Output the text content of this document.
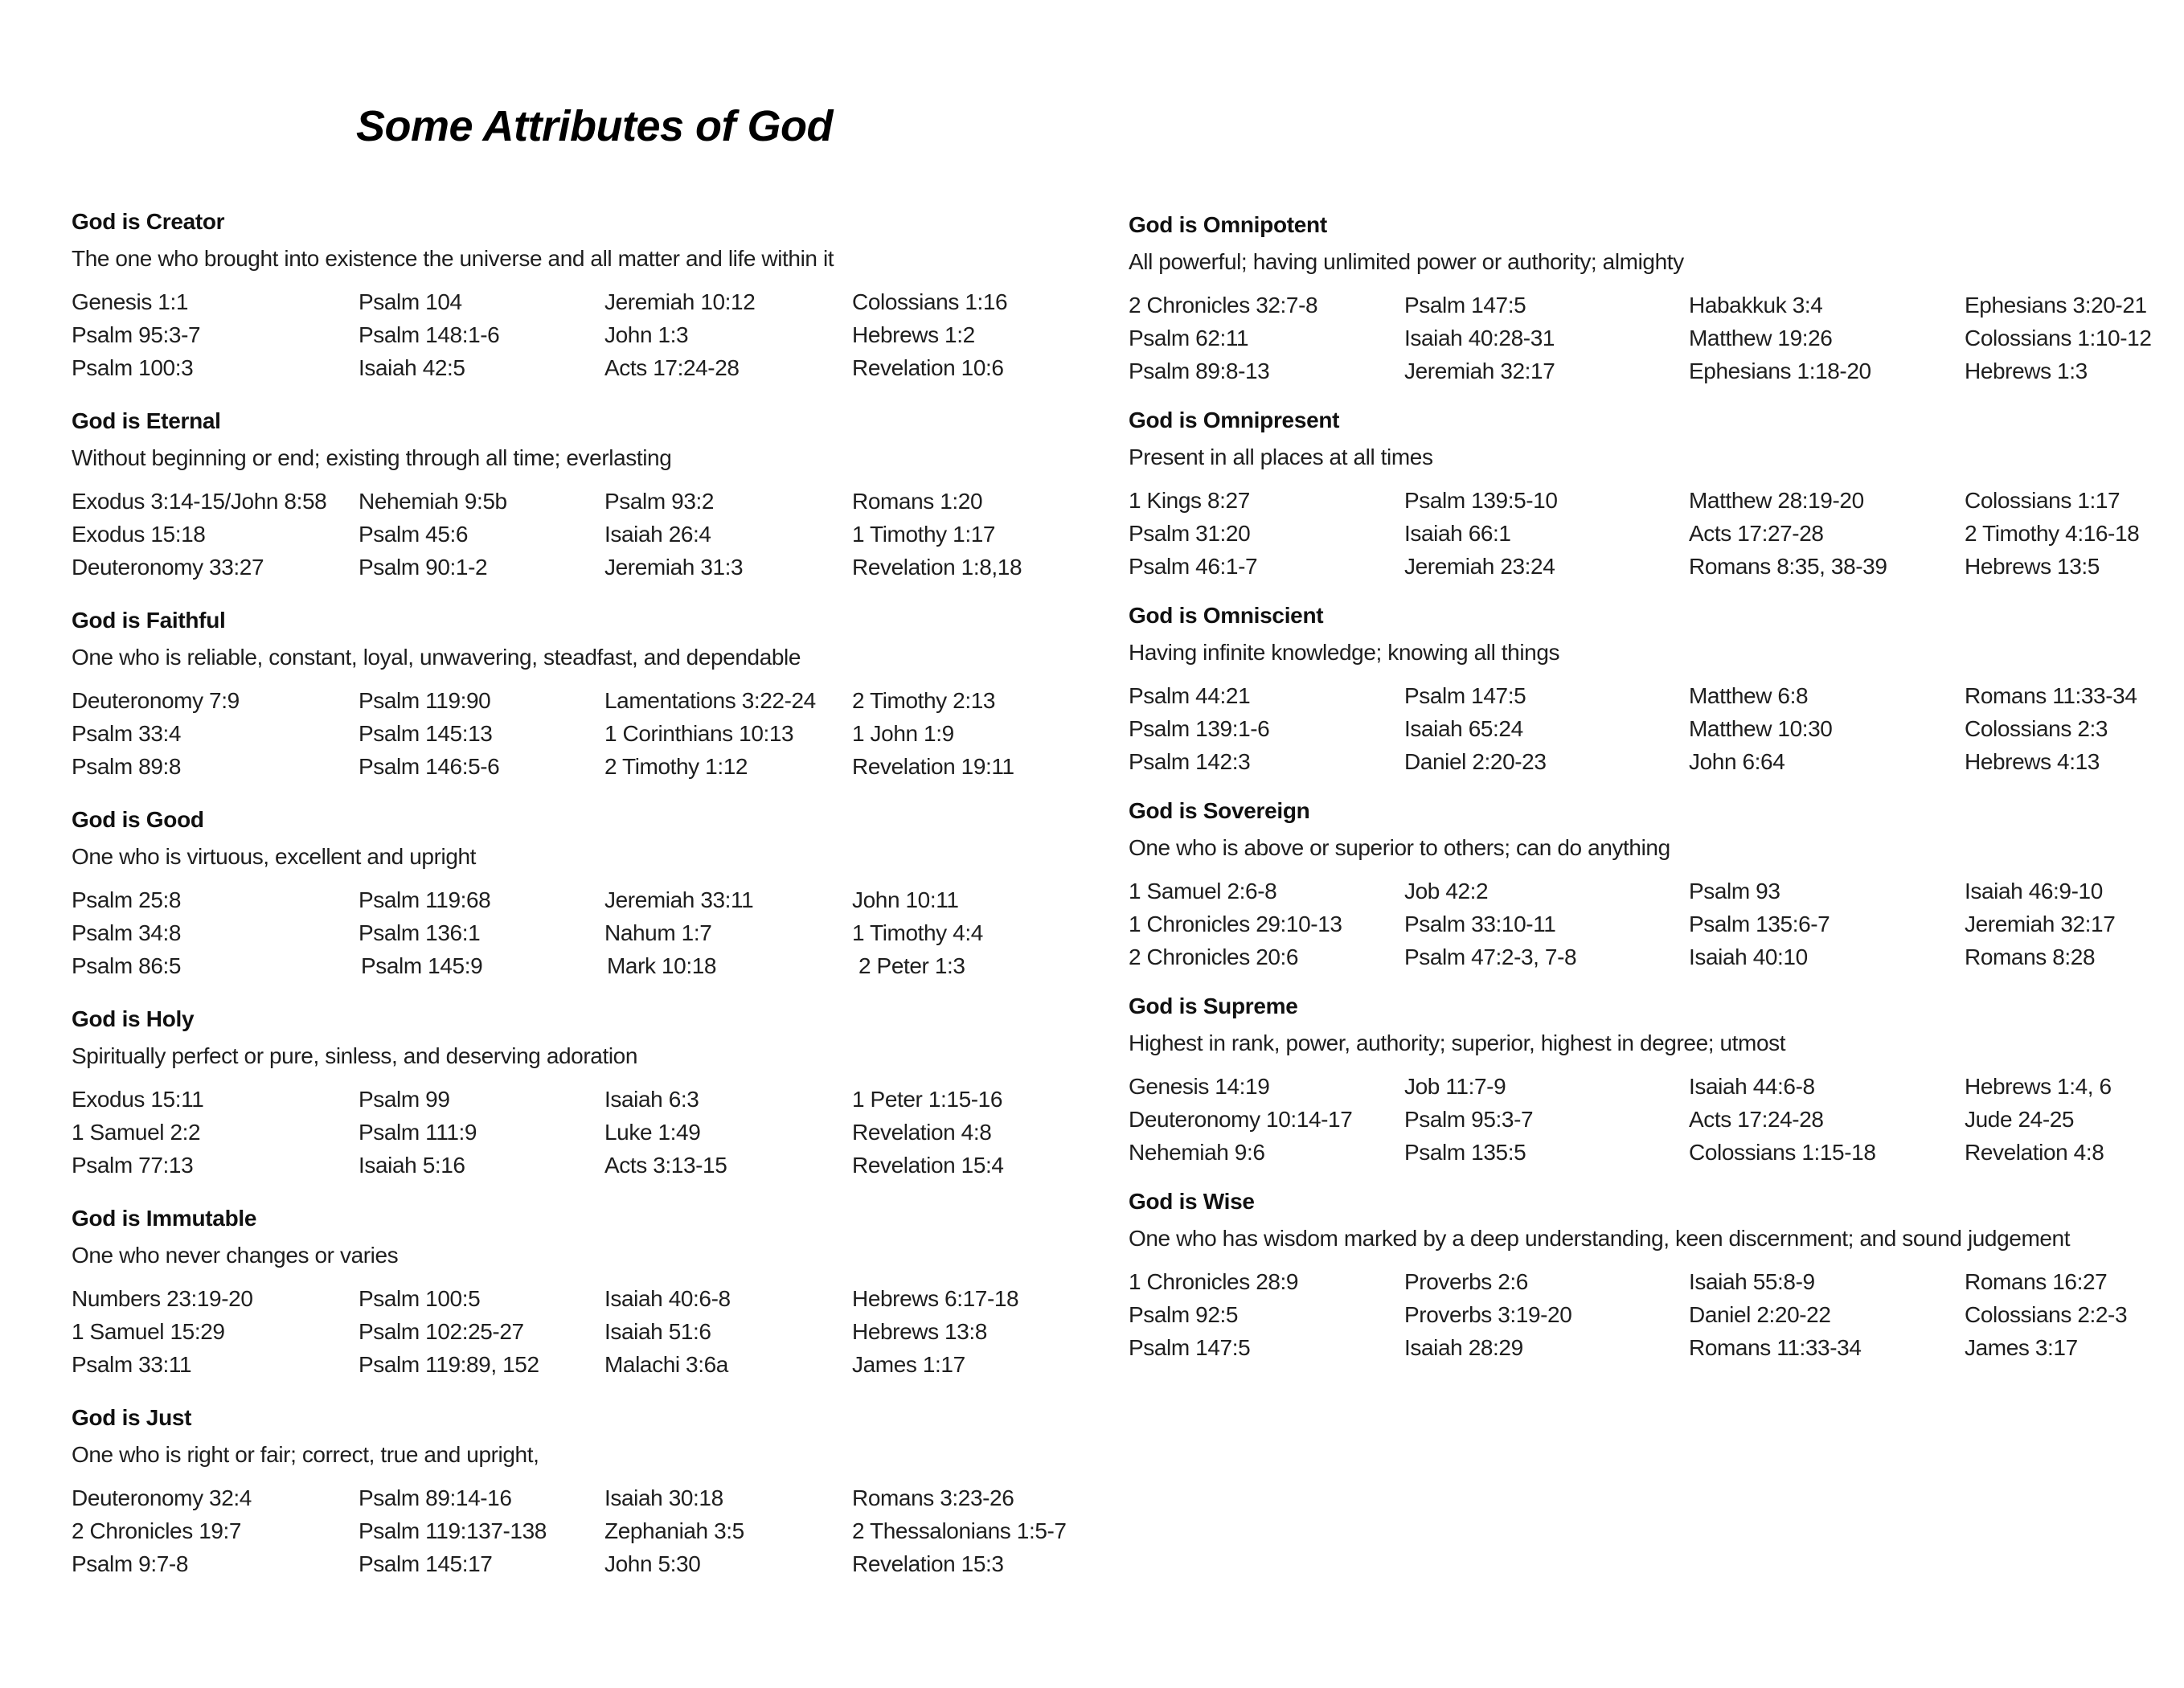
Some Attributes of God
God is Creator
The one who brought into existence the universe and all matter and life within it
Genesis 1:1	Psalm 104	Jeremiah 10:12	Colossians 1:16
Psalm 95:3-7	Psalm 148:1-6	John 1:3	Hebrews 1:2
Psalm 100:3	Isaiah 42:5	Acts 17:24-28	Revelation 10:6
God is Eternal
Without beginning or end; existing through all time; everlasting
Exodus 3:14-15/John 8:58 Nehemiah 9:5b	Psalm 93:2	Romans 1:20
Exodus 15:18	Psalm 45:6	Isaiah 26:4	1 Timothy 1:17
Deuteronomy 33:27	Psalm 90:1-2	Jeremiah 31:3	Revelation 1:8,18
God is Faithful
One who is reliable, constant, loyal, unwavering, steadfast, and dependable
Deuteronomy 7:9	Psalm 119:90	Lamentations 3:22-24 2 Timothy 2:13
Psalm 33:4	Psalm 145:13	1 Corinthians 10:13	1 John 1:9
Psalm 89:8	Psalm 146:5-6	2 Timothy 1:12	Revelation 19:11
God is Good
One who is virtuous, excellent and upright
Psalm 25:8	Psalm 119:68	Jeremiah 33:11	John 10:11
Psalm 34:8	Psalm 136:1	Nahum 1:7	1 Timothy 4:4
Psalm 86:5	Psalm 145:9	Mark 10:18	2 Peter 1:3
God is Holy
Spiritually perfect or pure, sinless, and deserving adoration
Exodus 15:11	Psalm 99	Isaiah 6:3	1 Peter 1:15-16
1 Samuel 2:2	Psalm 111:9	Luke 1:49	Revelation 4:8
Psalm 77:13	Isaiah 5:16	Acts 3:13-15	Revelation 15:4
God is Immutable
One who never changes or varies
Numbers 23:19-20	Psalm 100:5	Isaiah 40:6-8	Hebrews 6:17-18
1 Samuel 15:29	Psalm 102:25-27	Isaiah 51:6	Hebrews 13:8
Psalm 33:11	Psalm 119:89, 152	Malachi 3:6a	James 1:17
God is Just
One who is right or fair; correct, true and upright,
Deuteronomy 32:4	Psalm 89:14-16	Isaiah 30:18	Romans 3:23-26
2 Chronicles 19:7	Psalm 119:137-138	Zephaniah 3:5	2 Thessalonians 1:5-7
Psalm 9:7-8	Psalm 145:17	John 5:30	Revelation 15:3
God is Omnipotent
All powerful; having unlimited power or authority; almighty
2 Chronicles 32:7-8	Psalm 147:5	Habakkuk 3:4	Ephesians 3:20-21
Psalm 62:11	Isaiah 40:28-31	Matthew 19:26	Colossians 1:10-12
Psalm 89:8-13	Jeremiah 32:17	Ephesians 1:18-20	Hebrews 1:3
God is Omnipresent
Present in all places at all times
1 Kings 8:27	Psalm 139:5-10	Matthew 28:19-20	Colossians 1:17
Psalm 31:20	Isaiah 66:1	Acts 17:27-28	2 Timothy 4:16-18
Psalm 46:1-7	Jeremiah 23:24	Romans 8:35, 38-39	Hebrews 13:5
God is Omniscient
Having infinite knowledge; knowing all things
Psalm 44:21	Psalm 147:5	Matthew 6:8	Romans 11:33-34
Psalm 139:1-6	Isaiah 65:24	Matthew 10:30	Colossians 2:3
Psalm 142:3	Daniel 2:20-23	John 6:64	Hebrews 4:13
God is Sovereign
One who is above or superior to others; can do anything
1 Samuel 2:6-8	Job 42:2	Psalm 93	Isaiah 46:9-10
1 Chronicles 29:10-13	Psalm 33:10-11	Psalm 135:6-7	Jeremiah 32:17
2 Chronicles 20:6	Psalm 47:2-3, 7-8	Isaiah 40:10	Romans 8:28
God is Supreme
Highest in rank, power, authority; superior, highest in degree; utmost
Genesis 14:19	Job 11:7-9	Isaiah 44:6-8	Hebrews 1:4, 6
Deuteronomy 10:14-17 Psalm 95:3-7	Acts 17:24-28	Jude 24-25
Nehemiah 9:6	Psalm 135:5	Colossians 1:15-18	Revelation 4:8
God is Wise
One who has wisdom marked by a deep understanding, keen discernment; and sound judgement
1 Chronicles 28:9	Proverbs 2:6	Isaiah 55:8-9	Romans 16:27
Psalm 92:5	Proverbs 3:19-20	Daniel 2:20-22	Colossians 2:2-3
Psalm 147:5	Isaiah 28:29	Romans 11:33-34	James 3:17
